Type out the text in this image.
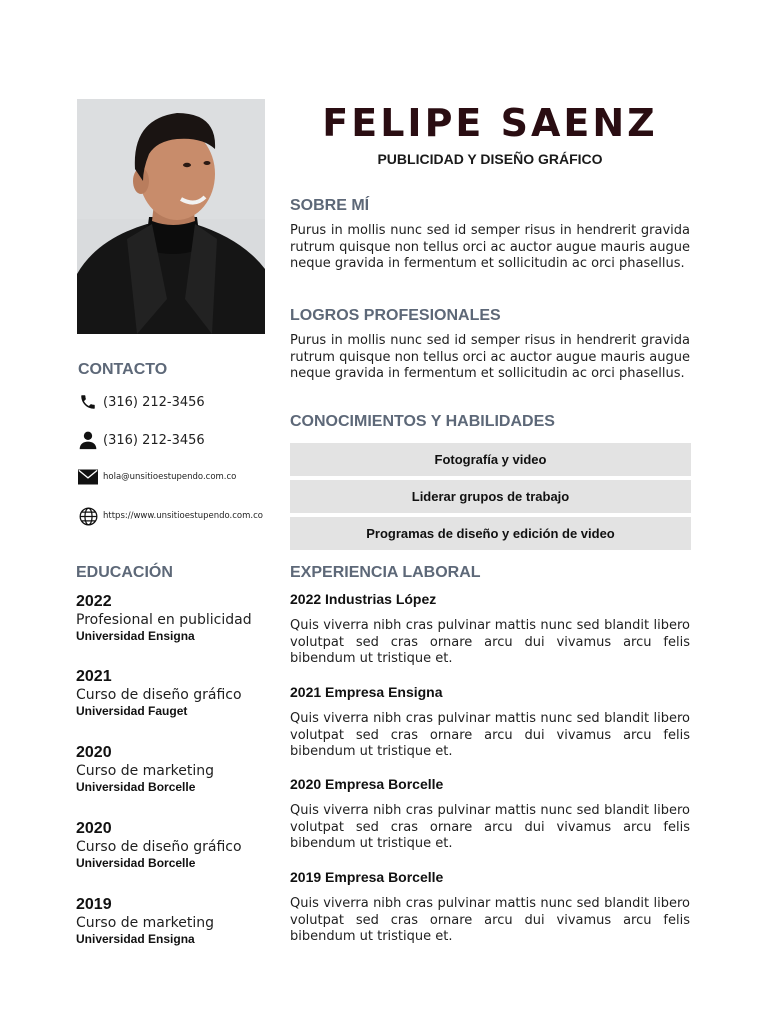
FELIPE SAENZ
PUBLICIDAD Y DISEÑO GRÁFICO
SOBRE MÍ
Purus in mollis nunc sed id semper risus in hendrerit gravida rutrum quisque non tellus orci ac auctor augue mauris augue neque gravida in fermentum et sollicitudin ac orci phasellus.
LOGROS PROFESIONALES
Purus in mollis nunc sed id semper risus in hendrerit gravida rutrum quisque non tellus orci ac auctor augue mauris augue neque gravida in fermentum et sollicitudin ac orci phasellus.
CONOCIMIENTOS Y HABILIDADES
Fotografía y video
Liderar grupos de trabajo
Programas de diseño y edición de video
CONTACTO
(316) 212-3456
(316) 212-3456
hola@unsitioestupendo.com.co
https://www.unsitioestupendo.com.co
EDUCACIÓN
2022
Profesional en publicidad
Universidad Ensigna
2021
Curso de diseño gráfico
Universidad Fauget
2020
Curso de marketing
Universidad Borcelle
2020
Curso de diseño gráfico
Universidad Borcelle
2019
Curso de marketing
Universidad Ensigna
EXPERIENCIA LABORAL
2022 Industrias López
Quis viverra nibh cras pulvinar mattis nunc sed blandit libero volutpat sed cras ornare arcu dui vivamus arcu felis bibendum ut tristique et.
2021 Empresa Ensigna
Quis viverra nibh cras pulvinar mattis nunc sed blandit libero volutpat sed cras ornare arcu dui vivamus arcu felis bibendum ut tristique et.
2020 Empresa Borcelle
Quis viverra nibh cras pulvinar mattis nunc sed blandit libero volutpat sed cras ornare arcu dui vivamus arcu felis bibendum ut tristique et.
2019 Empresa Borcelle
Quis viverra nibh cras pulvinar mattis nunc sed blandit libero volutpat sed cras ornare arcu dui vivamus arcu felis bibendum ut tristique et.
